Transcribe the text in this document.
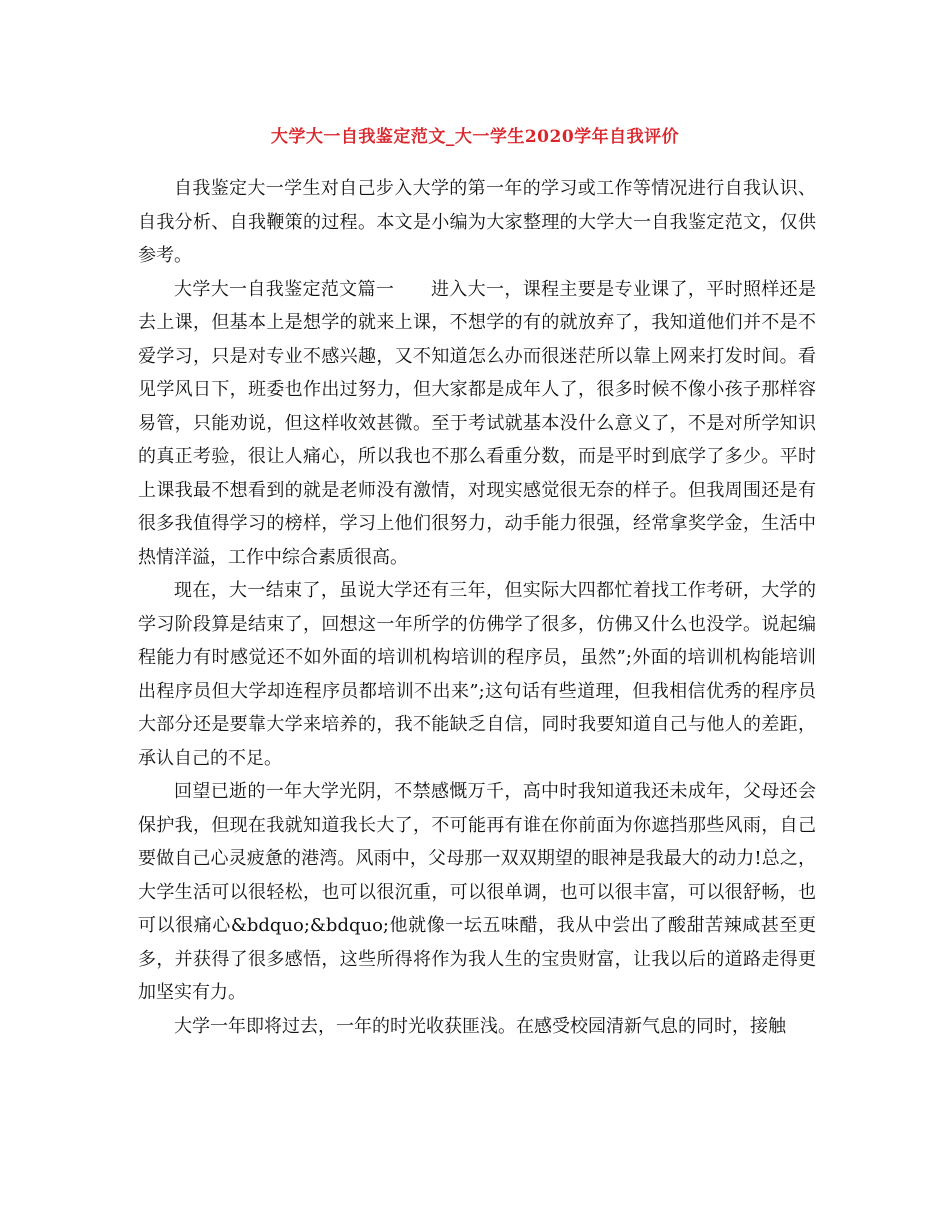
大学大一自我鉴定范文_大一学生2020学年自我评价

自我鉴定大一学生对自己步入大学的第一年的学习或工作等情况进行自我认识、自我分析、自我鞭策的过程。本文是小编为大家整理的大学大一自我鉴定范文，仅供参考。

大学大一自我鉴定范文篇一　　进入大一，课程主要是专业课了，平时照样还是去上课，但基本上是想学的就来上课，不想学的有的就放弃了，我知道他们并不是不爱学习，只是对专业不感兴趣，又不知道怎么办而很迷茫所以靠上网来打发时间。看见学风日下，班委也作出过努力，但大家都是成年人了，很多时候不像小孩子那样容易管，只能劝说，但这样收效甚微。至于考试就基本没什么意义了，不是对所学知识的真正考验，很让人痛心，所以我也不那么看重分数，而是平时到底学了多少。平时上课我最不想看到的就是老师没有激情，对现实感觉很无奈的样子。但我周围还是有很多我值得学习的榜样，学习上他们很努力，动手能力很强，经常拿奖学金，生活中热情洋溢，工作中综合素质很高。

现在，大一结束了，虽说大学还有三年，但实际大四都忙着找工作考研，大学的学习阶段算是结束了，回想这一年所学的仿佛学了很多，仿佛又什么也没学。说起编程能力有时感觉还不如外面的培训机构培训的程序员，虽然”;外面的培训机构能培训出程序员但大学却连程序员都培训不出来”;这句话有些道理，但我相信优秀的程序员大部分还是要靠大学来培养的，我不能缺乏自信，同时我要知道自己与他人的差距，承认自己的不足。

回望已逝的一年大学光阴，不禁感慨万千，高中时我知道我还未成年，父母还会保护我，但现在我就知道我长大了，不可能再有谁在你前面为你遮挡那些风雨，自己要做自己心灵疲惫的港湾。风雨中，父母那一双双期望的眼神是我最大的动力!总之，大学生活可以很轻松，也可以很沉重，可以很单调，也可以很丰富，可以很舒畅，也可以很痛心&bdquo;&bdquo;他就像一坛五味醋，我从中尝出了酸甜苦辣咸甚至更多，并获得了很多感悟，这些所得将作为我人生的宝贵财富，让我以后的道路走得更加坚实有力。

大学一年即将过去，一年的时光收获匪浅。在感受校园清新气息的同时，接触
